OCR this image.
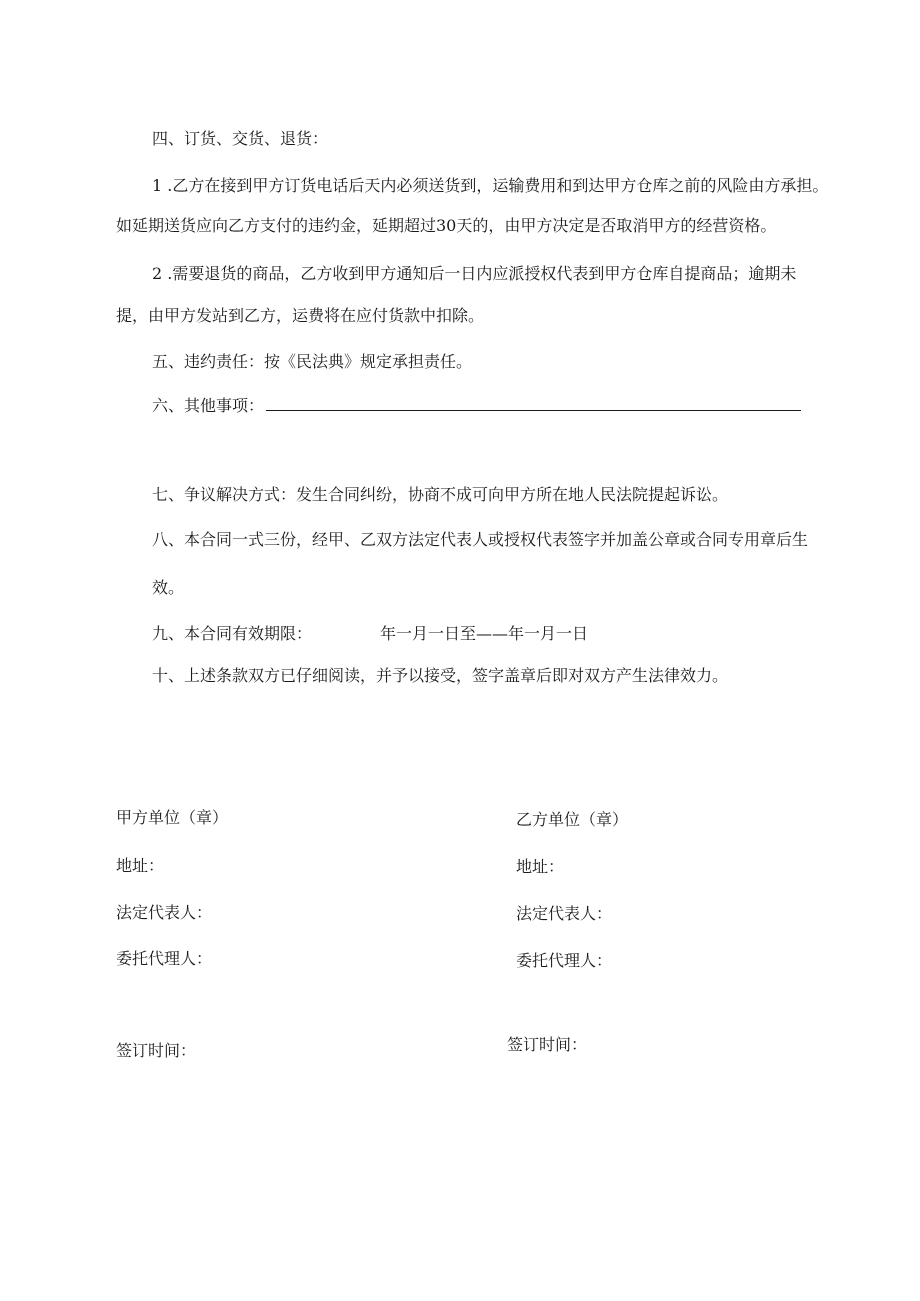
四、订货、交货、退货：
1 .乙方在接到甲方订货电话后天内必须送货到，运输费用和到达甲方仓库之前的风险由方承担。
如延期送货应向乙方支付的违约金，延期超过30天的，由甲方决定是否取消甲方的经营资格。
2 .需要退货的商品，乙方收到甲方通知后一日内应派授权代表到甲方仓库自提商品；逾期未
提，由甲方发站到乙方，运费将在应付货款中扣除。
五、违约责任：按《民法典》规定承担责任。
六、其他事项：
七、争议解决方式：发生合同纠纷，协商不成可向甲方所在地人民法院提起诉讼。
八、本合同一式三份，经甲、乙双方法定代表人或授权代表签字并加盖公章或合同专用章后生
效。
九、本合同有效期限：	年一月一日至——年一月一日
十、上述条款双方已仔细阅读，并予以接受，签字盖章后即对双方产生法律效力。
甲方单位（章）
地址：
法定代表人：
委托代理人：
签订时间：
乙方单位（章）
地址：
法定代表人：
委托代理人：
签订时间：
